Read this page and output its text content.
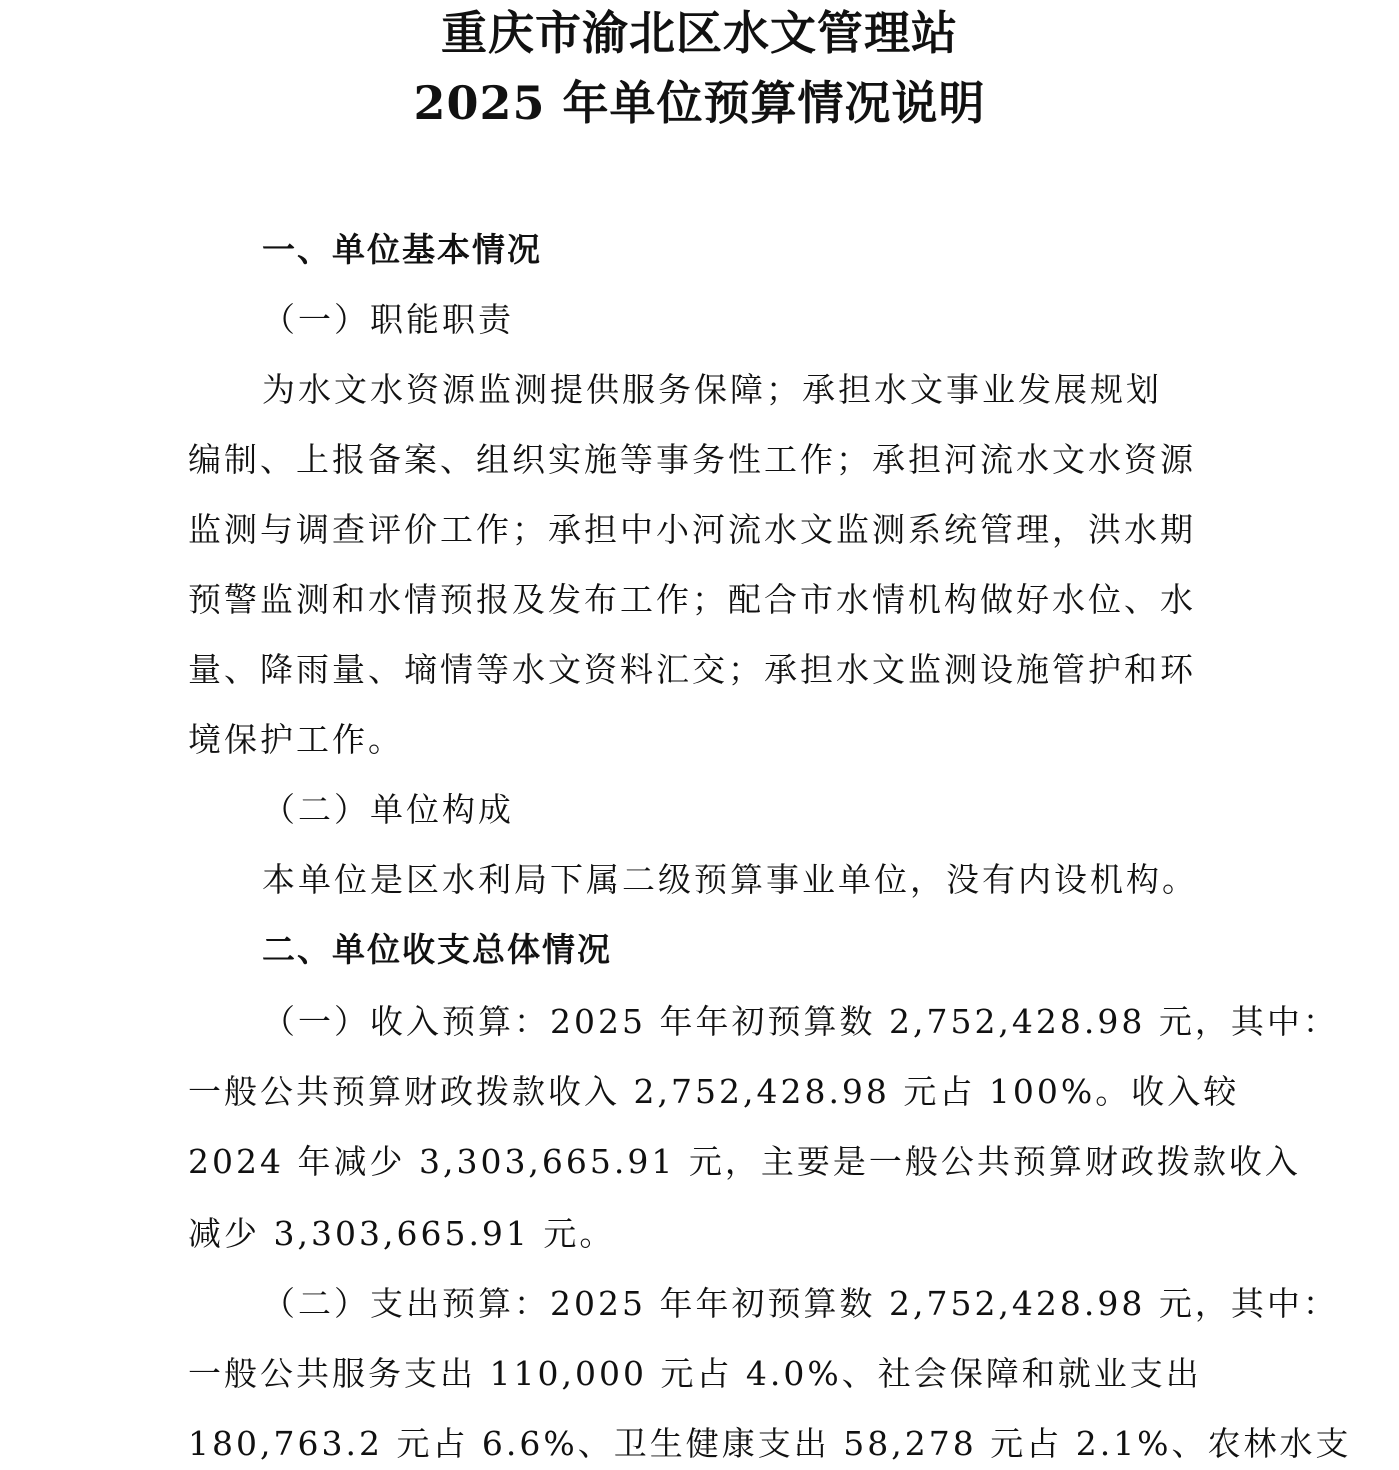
重庆市渝北区水文管理站
2025 年单位预算情况说明
一、单位基本情况
（一）职能职责
为水文水资源监测提供服务保障；承担水文事业发展规划
编制、上报备案、组织实施等事务性工作；承担河流水文水资源
监测与调查评价工作；承担中小河流水文监测系统管理，洪水期
预警监测和水情预报及发布工作；配合市水情机构做好水位、水
量、降雨量、墒情等水文资料汇交；承担水文监测设施管护和环
境保护工作。
（二）单位构成
本单位是区水利局下属二级预算事业单位，没有内设机构。
二、单位收支总体情况
（一）收入预算：2025 年年初预算数 2,752,428.98 元，其中：
一般公共预算财政拨款收入 2,752,428.98 元占 100%。收入较
2024 年减少 3,303,665.91 元，主要是一般公共预算财政拨款收入
减少 3,303,665.91 元。
（二）支出预算：2025 年年初预算数 2,752,428.98 元，其中：
一般公共服务支出 110,000 元占 4.0%、社会保障和就业支出
180,763.2 元占 6.6%、卫生健康支出 58,278 元占 2.1%、农林水支
